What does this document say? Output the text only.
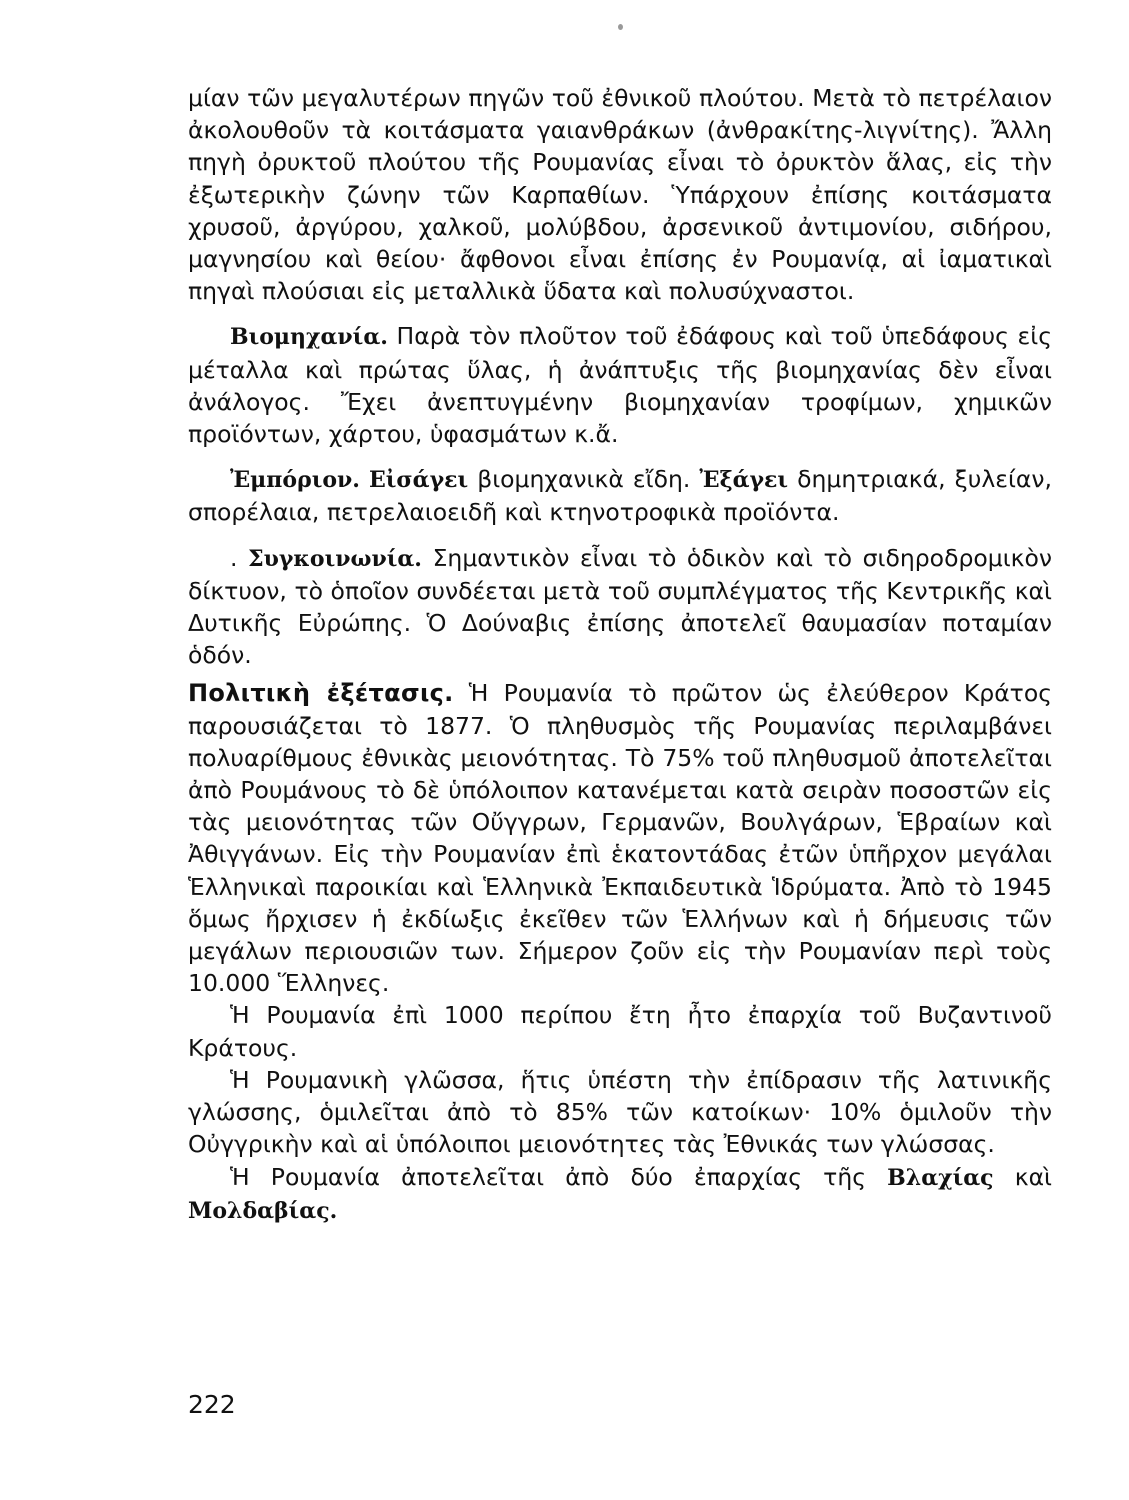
μίαν τῶν μεγαλυτέρων πηγῶν τοῦ ἐθνικοῦ πλούτου. Μετὰ τὸ πετρέλαιον ἀκολουθοῦν τὰ κοιτάσματα γαιανθράκων (ἀνθρακίτης-λιγνίτης). Ἄλλη πηγὴ ὀρυκτοῦ πλούτου τῆς Ρουμανίας εἶναι τὸ ὀρυκτὸν ἅλας, εἰς τὴν ἐξωτερικὴν ζώνην τῶν Καρπαθίων. Ὑπάρχουν ἐπίσης κοιτάσματα χρυσοῦ, ἀργύρου, χαλκοῦ, μολύβδου, ἀρσενικοῦ ἀντιμονίου, σιδήρου, μαγνησίου καὶ θείου· ἄφθονοι εἶναι ἐπίσης ἐν Ρουμανίᾳ, αἱ ἰαματικαὶ πηγαὶ πλούσιαι εἰς μεταλλικὰ ὕδατα καὶ πολυσύχναστοι.

Βιομηχανία. Παρὰ τὸν πλοῦτον τοῦ ἐδάφους καὶ τοῦ ὑπεδάφους εἰς μέταλλα καὶ πρώτας ὕλας, ἡ ἀνάπτυξις τῆς βιομηχανίας δὲν εἶναι ἀνάλογος. Ἔχει ἀνεπτυγμένην βιομηχανίαν τροφίμων, χημικῶν προϊόντων, χάρτου, ὑφασμάτων κ.ἄ.

Ἐμπόριον. Εἰσάγει βιομηχανικὰ εἴδη. Ἐξάγει δημητριακά, ξυλείαν, σπορέλαια, πετρελαιοειδῆ καὶ κτηνοτροφικὰ προϊόντα.

. Συγκοινωνία. Σημαντικὸν εἶναι τὸ ὁδικὸν καὶ τὸ σιδηροδρομικὸν δίκτυον, τὸ ὁποῖον συνδέεται μετὰ τοῦ συμπλέγματος τῆς Κεντρικῆς καὶ Δυτικῆς Εὐρώπης. Ὁ Δούναβις ἐπίσης ἀποτελεῖ θαυμασίαν ποταμίαν ὁδόν.

Πολιτικὴ ἐξέτασις. Ἡ Ρουμανία τὸ πρῶτον ὡς ἐλεύθερον Κράτος παρουσιάζεται τὸ 1877. Ὁ πληθυσμὸς τῆς Ρουμανίας περιλαμβάνει πολυαρίθμους ἐθνικὰς μειονότητας. Τὸ 75% τοῦ πληθυσμοῦ ἀποτελεῖται ἀπὸ Ρουμάνους τὸ δὲ ὑπόλοιπον κατανέμεται κατὰ σειρὰν ποσοστῶν εἰς τὰς μειονότητας τῶν Οὔγγρων, Γερμανῶν, Βουλγάρων, Ἑβραίων καὶ Ἀθιγγάνων. Εἰς τὴν Ρουμανίαν ἐπὶ ἑκατοντάδας ἐτῶν ὑπῆρχον μεγάλαι Ἑλληνικαὶ παροικίαι καὶ Ἑλληνικὰ Ἐκπαιδευτικὰ Ἱδρύματα. Ἀπὸ τὸ 1945 ὅμως ἤρχισεν ἡ ἐκδίωξις ἐκεῖθεν τῶν Ἑλλήνων καὶ ἡ δήμευσις τῶν μεγάλων περιουσιῶν των. Σήμερον ζοῦν εἰς τὴν Ρουμανίαν περὶ τοὺς 10.000 Ἕλληνες.

Ἡ Ρουμανία ἐπὶ 1000 περίπου ἔτη ἦτο ἐπαρχία τοῦ Βυζαντινοῦ Κράτους.

Ἡ Ρουμανικὴ γλῶσσα, ἥτις ὑπέστη τὴν ἐπίδρασιν τῆς λατινικῆς γλώσσης, ὁμιλεῖται ἀπὸ τὸ 85% τῶν κατοίκων· 10% ὁμιλοῦν τὴν Οὐγγρικὴν καὶ αἱ ὑπόλοιποι μειονότητες τὰς Ἐθνικάς των γλώσσας.

Ἡ Ρουμανία ἀποτελεῖται ἀπὸ δύο ἐπαρχίας τῆς Βλαχίας καὶ Μολδαβίας.

222
